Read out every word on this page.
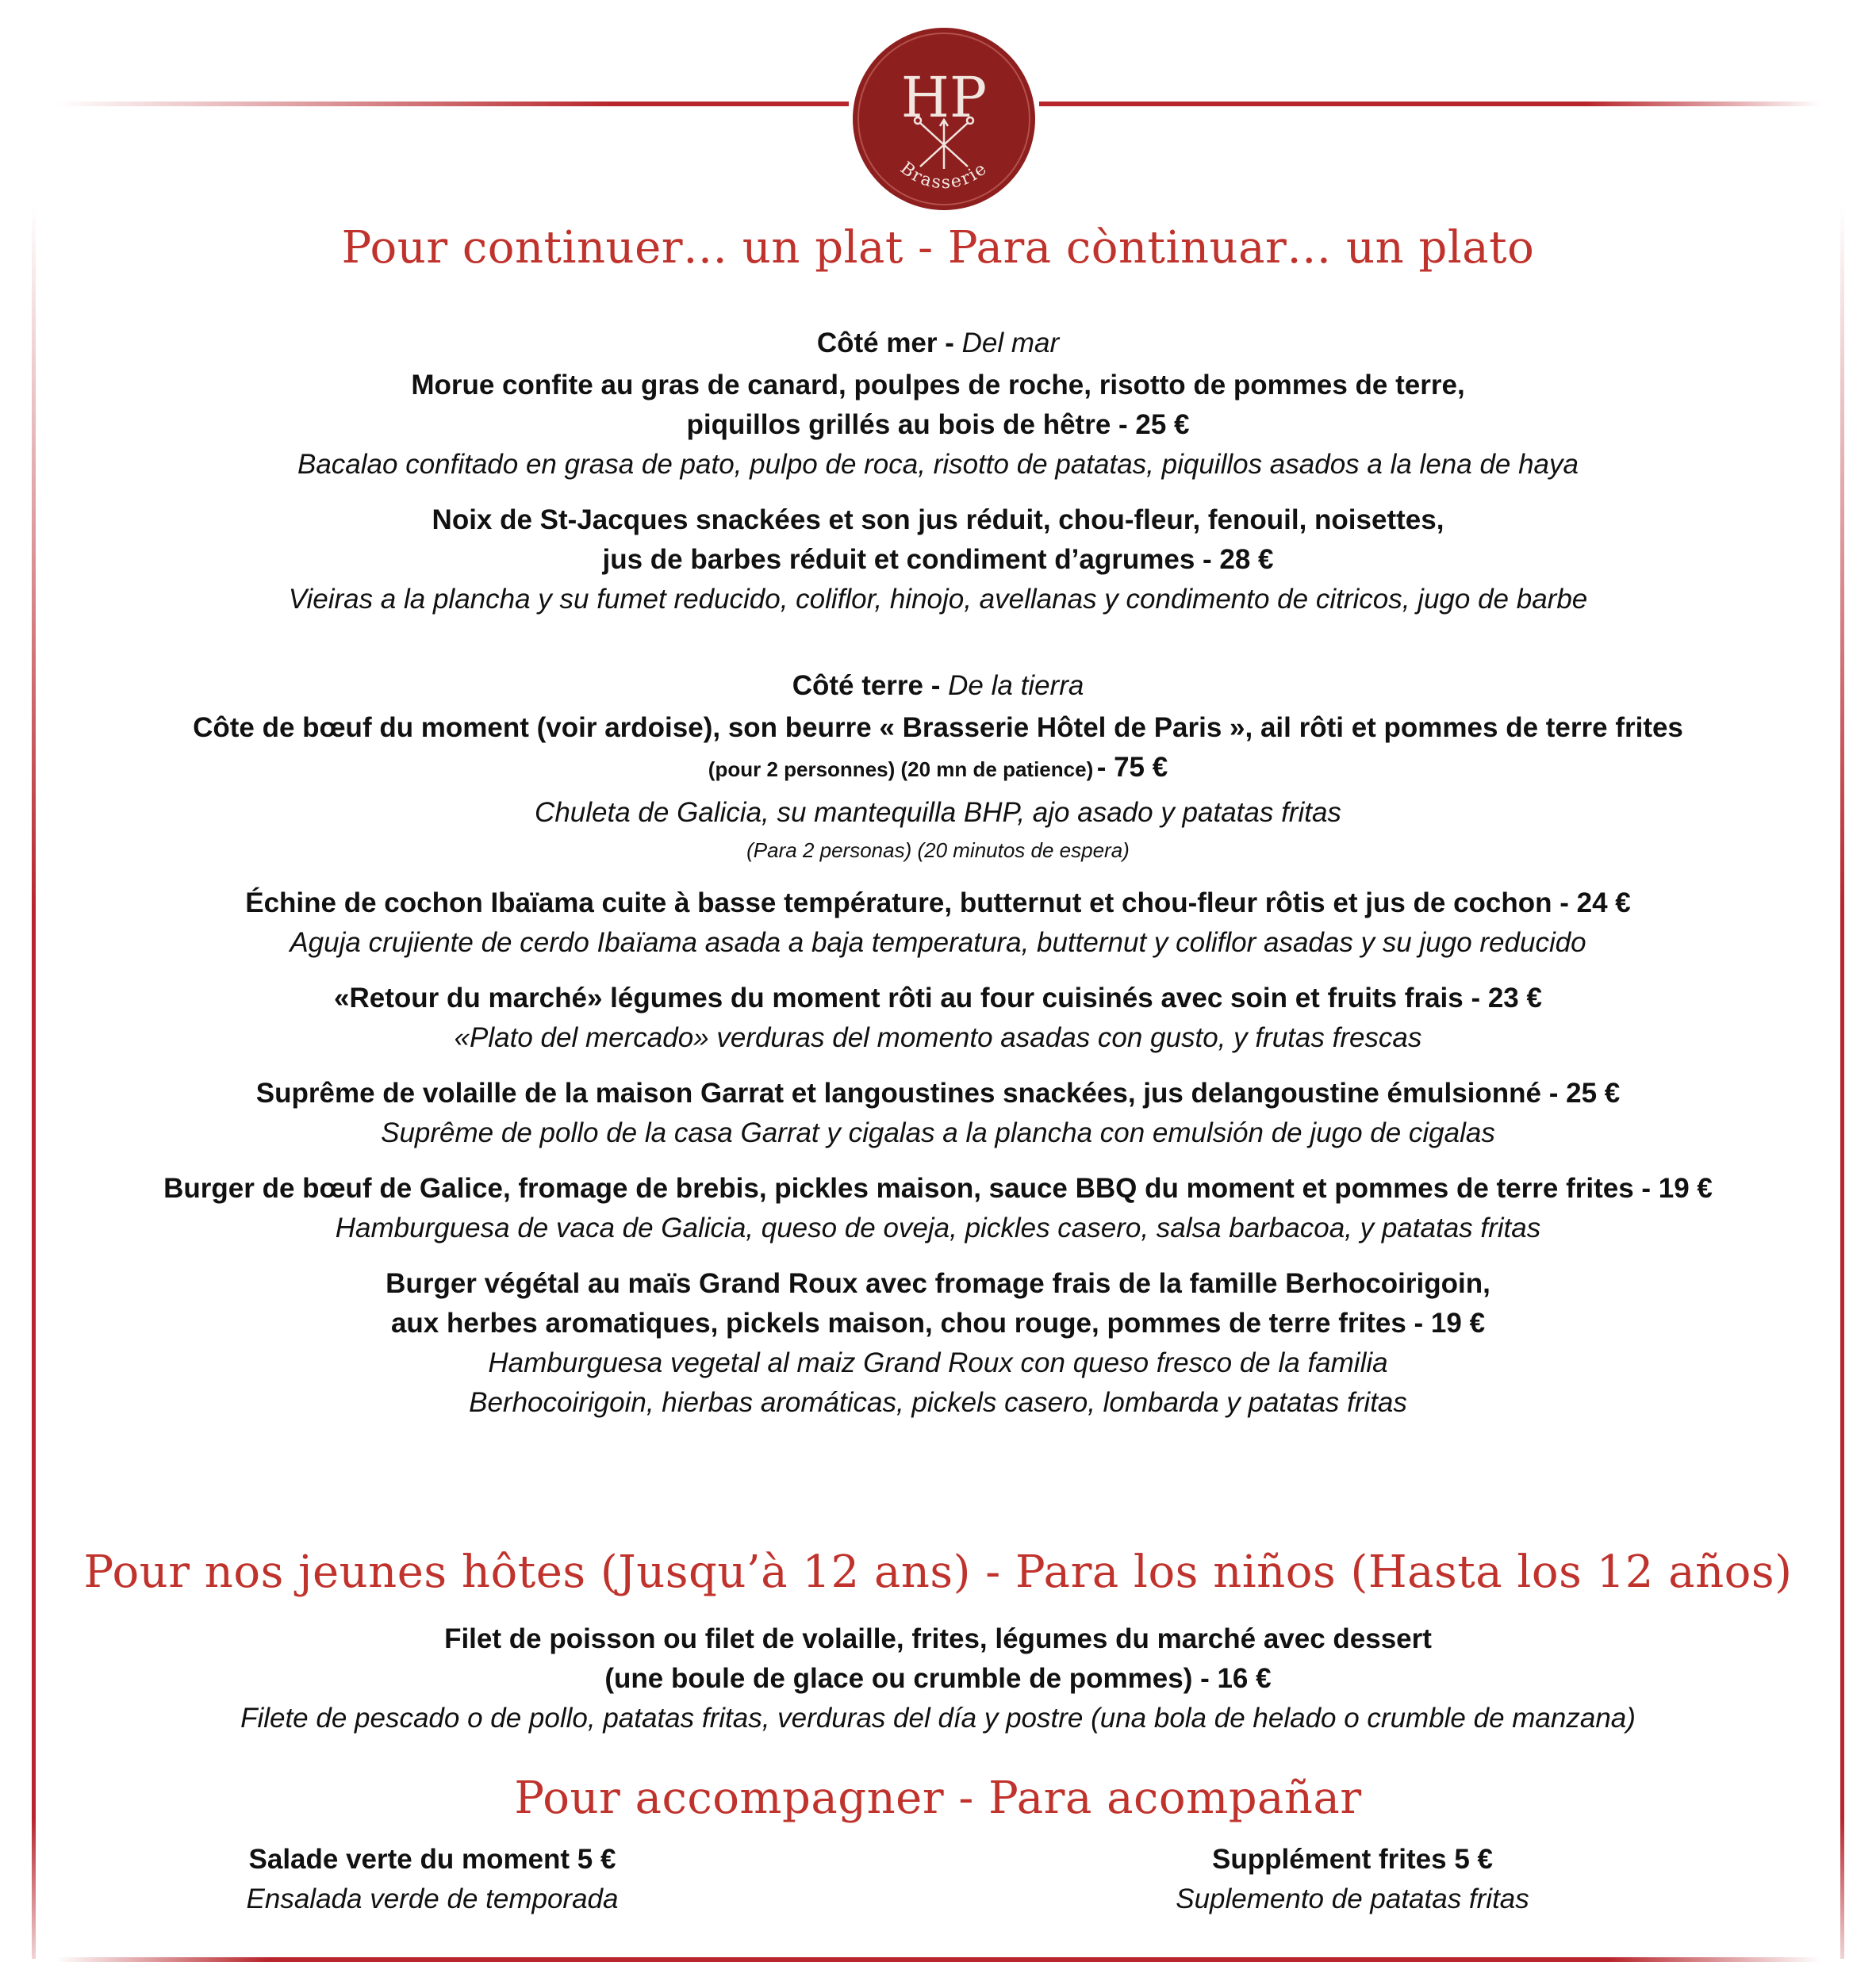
HP
Brasserie
Pour continuer… un plat - Para còntinuar… un plato
Côté mer - Del mar
Morue confite au gras de canard, poulpes de roche, risotto de pommes de terre,
piquillos grillés au bois de hêtre - 25 €
Bacalao confitado en grasa de pato, pulpo de roca, risotto de patatas, piquillos asados a la lena de haya
Noix de St-Jacques snackées et son jus réduit, chou-fleur, fenouil, noisettes,
jus de barbes réduit et condiment d’agrumes - 28 €
Vieiras a la plancha y su fumet reducido, coliflor, hinojo, avellanas y condimento de citricos, jugo de barbe
Côté terre - De la tierra
Côte de bœuf du moment (voir ardoise), son beurre « Brasserie Hôtel de Paris », ail rôti et pommes de terre frites
(pour 2 personnes) (20 mn de patience) - 75 €
Chuleta de Galicia, su mantequilla BHP, ajo asado y patatas fritas
(Para 2 personas) (20 minutos de espera)
Échine de cochon Ibaïama cuite à basse température, butternut et chou-fleur rôtis et jus de cochon - 24 €
Aguja crujiente de cerdo Ibaïama asada a baja temperatura, butternut y coliflor asadas y su jugo reducido
«Retour du marché» légumes du moment rôti au four cuisinés avec soin et fruits frais - 23 €
«Plato del mercado» verduras del momento asadas con gusto, y frutas frescas
Suprême de volaille de la maison Garrat et langoustines snackées, jus delangoustine émulsionné - 25 €
Suprême de pollo de la casa Garrat y cigalas a la plancha con emulsión de jugo de cigalas
Burger de bœuf de Galice, fromage de brebis, pickles maison, sauce BBQ du moment et pommes de terre frites - 19 €
Hamburguesa de vaca de Galicia, queso de oveja, pickles casero, salsa barbacoa, y patatas fritas
Burger végétal au maïs Grand Roux avec fromage frais de la famille Berhocoirigoin,
aux herbes aromatiques, pickels maison, chou rouge, pommes de terre frites - 19 €
Hamburguesa vegetal al maiz Grand Roux con queso fresco de la familia
Berhocoirigoin, hierbas aromáticas, pickels casero, lombarda y patatas fritas
Pour nos jeunes hôtes (Jusqu’à 12 ans) - Para los niños (Hasta los 12 años)
Filet de poisson ou filet de volaille, frites, légumes du marché avec dessert
(une boule de glace ou crumble de pommes) - 16 €
Filete de pescado o de pollo, patatas fritas, verduras del día y postre (una bola de helado o crumble de manzana)
Pour accompagner - Para acompañar
Salade verte du moment 5 €
Ensalada verde de temporada
Supplément frites 5 €
Suplemento de patatas fritas
